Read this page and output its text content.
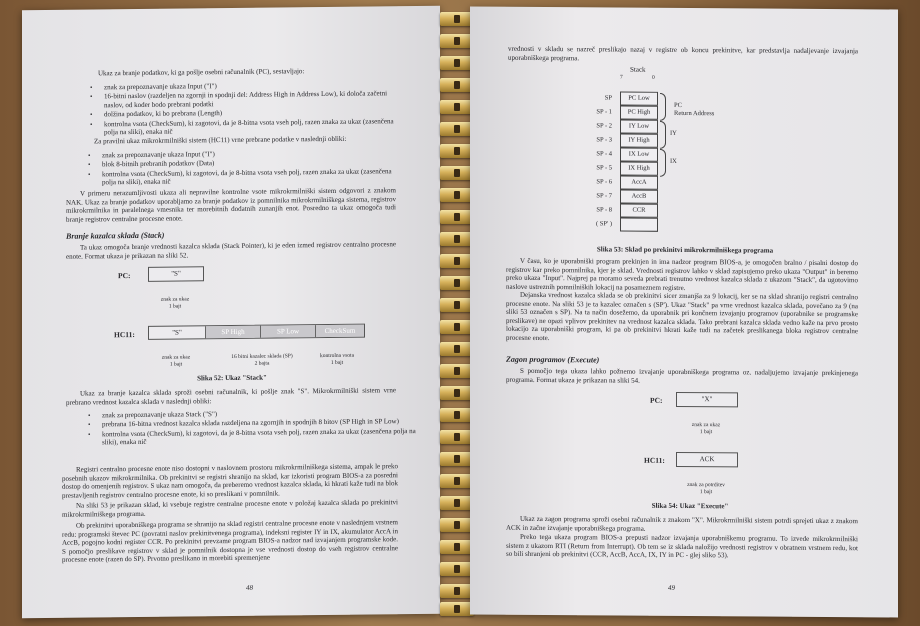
Ukaz za branje podatkov, ki ga pošlje osebni računalnik (PC), sestavljajo:
• znak za prepoznavanje ukaza Input ("I")
• 16-bitni naslov (razdeljen na zgornji in spodnji del: Address High in Address Low), ki določa začetni naslov, od koder bodo prebrani podatki
• dolžina podatkov, ki bo prebrana (Length)
• kontrolna vsota (CheckSum), ki zagotovi, da je 8-bitna vsota vseh polj, razen znaka za ukaz (zasenčena polja na sliki), enaka nič
Za pravilni ukaz mikrokrmilniški sistem (HC11) vrne prebrane podatke v naslednji obliki:
• znak za prepoznavanje ukaza Input ("I")
• blok 8-bitnih prebranih podatkov (Data)
• kontrolna vsota (CheckSum), ki zagotovi, da je 8-bitna vsota vseh polj, razen znaka za ukaz (zasenčena polja na sliki), enaka nič
V primeru nerazumljivosti ukaza ali nepravilne kontrolne vsote mikrokrmilniški sistem odgovori z znakom NAK. Ukaz za branje podatkov uporabljamo za branje podatkov iz pomnilnika mikrokrmilniškega sistema, registrov mikrokrmilnika in paralelnega vmesnika ter morebitnih dodatnih zunanjih enot. Posredno ta ukaz omogoča tudi branje registrov centralne procesne enote.
Branje kazalca sklada (Stack)
Ta ukaz omogoča branje vrednosti kazalca sklada (Stack Pointer), ki je eden izmed registrov centralno procesne enote. Format ukaza je prikazan na sliki 52.
PC:	"S"
znak za ukaz
1 bajt
HC11:	"S"	SP High	SP Low	CheckSum
znak za ukaz
1 bajt
16 bitni kazalec sklada (SP)
2 bajta
kontrolna vsota
1 bajt
Slika 52: Ukaz "Stack"
Ukaz za branje kazalca sklada sproži osebni računalnik, ki pošlje znak "S". Mikrokrmilniški sistem vrne prebrano vrednost kazalca sklada v naslednji obliki:
• znak za prepoznavanje ukaza Stack ("S")
• prebrana 16-bitna vrednost kazalca sklada razdeljena na zgornjih in spodnjih 8 bitov (SP High in SP Low)
• kontrolna vsota (CheckSum), ki zagotovi, da je 8-bitna vsota vseh polj, razen znaka za ukaz (zasenčena polja na sliki), enaka nič
Registri centralno procesne enote niso dostopni v naslovnem prostoru mikrokrmilniškega sistema, ampak le preko posebnih ukazov mikrokrmilnika. Ob prekinitvi se registri shranijo na sklad, kar izkoristi program BIOS-a za posredni dostop do omenjenih registrov. S ukaz nam omogoča, da preberemo vrednost kazalca sklada, ki hkrati kaže tudi na blok prestavljenih registrov centralno procesne enote, ki so preslikani v pomnilnik.
Na sliki 53 je prikazan sklad, ki vsebuje registre centralne procesne enote v položaj kazalca sklada po prekinitvi mikrokrmilniškega programa.
Ob prekinitvi uporabniškega programa se shranijo na sklad registri centralne procesne enote v naslednjem vrstnem redu: programski števec PC (povratni naslov prekinitvenega programa), indeksni register IY in IX, akumulator AccA in AccB, pogojno kodni register CCR. Po prekinitvi prevzame program BIOS-a nadzor nad izvajanjem programske kode. S pomočjo preslikave registrov v sklad je pomnilnik dostopna je vse vrednosti dostop do vseh registrov centralne procesne enote (razen do SP). Prvotno preslikano in morebiti spremenjene
48
vrednosti v skladu se nazreč preslikajo nazaj v registre ob koncu prekinitve, kar predstavlja nadaljevanje izvajanja uporabniškega programa.
Stack
7	0
SP	PC Low
SP - 1	PC High
SP - 2	IY Low
SP - 3	IY High
SP - 4	IX Low
SP - 5	IX High
SP - 6	AccA
SP - 7	AccB
SP - 8	CCR
( SP' )
PC
Return Address
IY
IX
Slika 53: Sklad po prekinitvi mikrokrmilniškega programa
V času, ko je uporabniški program prekinjen in ima nadzor program BIOS-a, je omogočen bralno / pisalni dostop do registrov kar preko pomnilnika, kjer je sklad. Vrednosti registrov lahko v sklad zapisujemo preko ukaza "Output" in beremo preko ukaza "Input". Najprej pa moramo seveda prebrati trenutno vrednost kazalca sklada z ukazom "Stack", da ugotovimo naslove ustreznih pomnilniških lokacij na posameznem registre.
Dejanska vrednost kazalca sklada se ob prekinitvi sicer zmanjša za 9 lokacij, ker se na sklad shranijo registri centralno procesne enote. Na sliki 53 je ta kazalec označen s (SP'). Ukaz "Stack" pa vrne vrednost kazalca sklada, povečano za 9 (na sliki 53 označen s SP). Na ta način dosežemo, da uporabnik pri končnem izvajanju programov (uporabnike se programske preslikave) ne opazi vplivov prekinitev na vrednost kazalca sklada. Tako prebrani kazalca sklada vedno kaže na prvo prosto lokacijo za uporabniški program, ki pa ob prekinitvi hkrati kaže tudi na začetek preslikanega bloka registrov centralne procesne enote.
Zagon programov (Execute)
S pomočjo tega ukaza lahko požnemo izvajanje uporabniškega programa oz. nadaljujemo izvajanje prekinjenega programa. Format ukaza je prikazan na sliki 54.
PC:	"X"
znak za ukaz
1 bajt
HC11:	ACK
znak za potrditev
1 bajt
Slika 54: Ukaz "Execute"
Ukaz za zagon programa sproži osebni računalnik z znakom "X". Mikrokrmilniški sistem potrdi sprejeti ukaz z znakom ACK in začne izvajanje uporabniškega programa.
Preko tega ukaza program BIOS-a prepusti nadzor izvajanja uporabniškemu programu. To izvede mikrokrmilniški sistem z ukazom RTI (Return from Interrupt). Ob tem se iz sklada naložijo vrednosti registrov v obratnem vrstnem redu, kot so bili shranjeni ob prekinitvi (CCR, AccB, AccA, IX, IY in PC - glej sliko 53).
49
